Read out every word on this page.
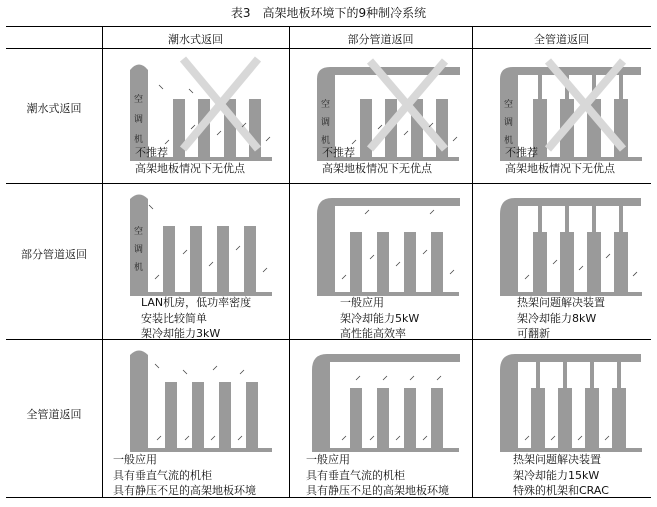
表3　高架地板环境下的9种制冷系统
潮水式返回	部分管道返回	全管道返回
潮水式返回
部分管道返回
全管道返回
空
调
机
不推荐
高架地板情况下无优点
空
调
机
不推荐
高架地板情况下无优点
空
调
机
不推荐
高架地板情况下无优点
空
调
机
LAN机房，低功率密度
安装比较简单
架冷却能力3kW
一般应用
架冷却能力5kW
高性能高效率
热架问题解决装置
架冷却能力8kW
可翻新
一般应用
具有垂直气流的机柜
具有静压不足的高架地板环境
一般应用
具有垂直气流的机柜
具有静压不足的高架地板环境
热架问题解决装置
架冷却能力15kW
特殊的机架和CRAC
